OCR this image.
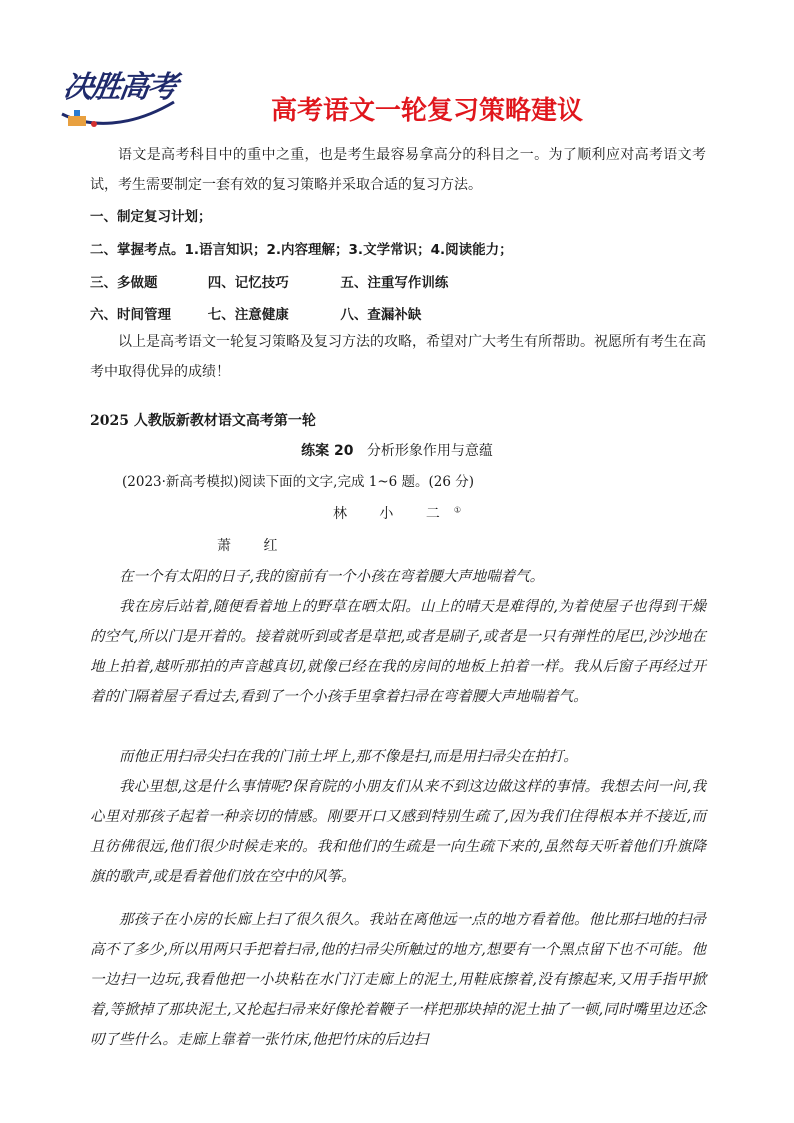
决胜高考
高考语文一轮复习策略建议
语文是高考科目中的重中之重，也是考生最容易拿高分的科目之一。为了顺利应对高考语文考试，考生需要制定一套有效的复习策略并采取合适的复习方法。
一、制定复习计划；
二、掌握考点。1.语言知识；2.内容理解；3.文学常识；4.阅读能力；
三、多做题	四、记忆技巧	五、注重写作训练
六、时间管理	七、注意健康	八、查漏补缺
以上是高考语文一轮复习策略及复习方法的攻略，希望对广大考生有所帮助。祝愿所有考生在高考中取得优异的成绩！
2025 人教版新教材语文高考第一轮
练案 20 分析形象作用与意蕴
(2023·新高考模拟)阅读下面的文字,完成 1~6 题。(26 分)
林 小 二①
萧 红
在一个有太阳的日子,我的窗前有一个小孩在弯着腰大声地喘着气。
我在房后站着,随便看着地上的野草在晒太阳。山上的晴天是难得的,为着使屋子也得到干燥的空气,所以门是开着的。接着就听到或者是草把,或者是刷子,或者是一只有弹性的尾巴,沙沙地在地上拍着,越听那拍的声音越真切,就像已经在我的房间的地板上拍着一样。我从后窗子再经过开着的门隔着屋子看过去,看到了一个小孩手里拿着扫帚在弯着腰大声地喘着气。
而他正用扫帚尖扫在我的门前土坪上,那不像是扫,而是用扫帚尖在拍打。
我心里想,这是什么事情呢?保育院的小朋友们从来不到这边做这样的事情。我想去问一问,我心里对那孩子起着一种亲切的情感。刚要开口又感到特别生疏了,因为我们住得根本并不接近,而且彷佛很远,他们很少时候走来的。我和他们的生疏是一向生疏下来的,虽然每天听着他们升旗降旗的歌声,或是看着他们放在空中的风筝。
那孩子在小房的长廊上扫了很久很久。我站在离他远一点的地方看着他。他比那扫地的扫帚高不了多少,所以用两只手把着扫帚,他的扫帚尖所触过的地方,想要有一个黑点留下也不可能。他一边扫一边玩,我看他把一小块粘在水门汀走廊上的泥土,用鞋底擦着,没有擦起来,又用手指甲掀着,等掀掉了那块泥土,又抡起扫帚来好像抡着鞭子一样把那块掉的泥土抽了一顿,同时嘴里边还念叨了些什么。走廊上靠着一张竹床,他把竹床的后边扫
